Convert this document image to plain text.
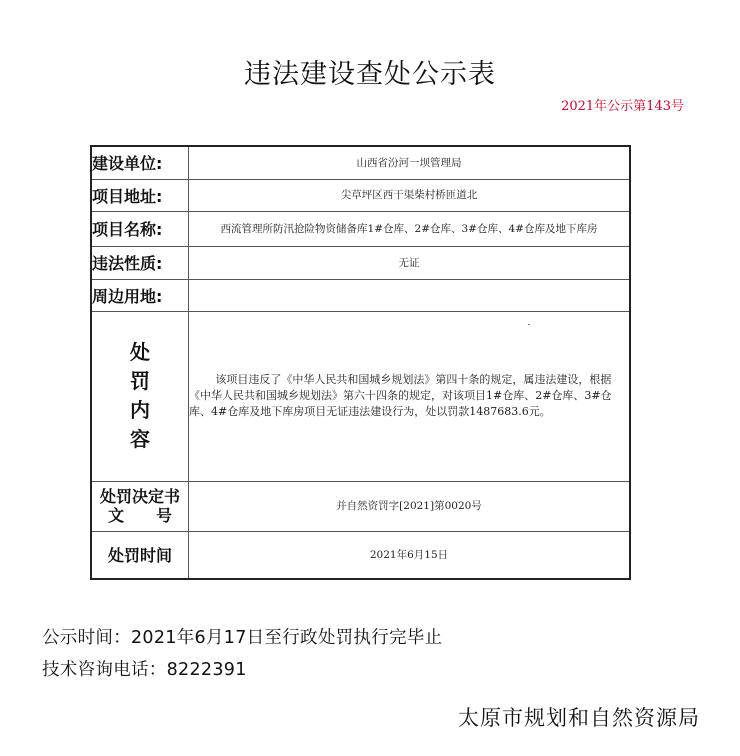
违法建设查处公示表
2021年公示第143号
建设单位:	山西省汾河一坝管理局
项目地址:	尖草坪区西干渠柴村桥匝道北
项目名称:	西流管理所防汛抢险物资储备库1#仓库、2#仓库、3#仓库、4#仓库及地下库房
违法性质:	无证
周边用地:	

处
罚
内
容	该项目违反了《中华人民共和国城乡规划法》第四十条的规定，属违法建设，根据《中华人民共和国城乡规划法》第六十四条的规定，对该项目1#仓库、2#仓库、3#仓库、4#仓库及地下库房项目无证违法建设行为，处以罚款1487683.6元。

处罚决定书
文　　号	并自然资罚字[2021]第0020号
处罚时间	2021年6月15日
公示时间：2021年6月17日至行政处罚执行完毕止
技术咨询电话：8222391
太原市规划和自然资源局
